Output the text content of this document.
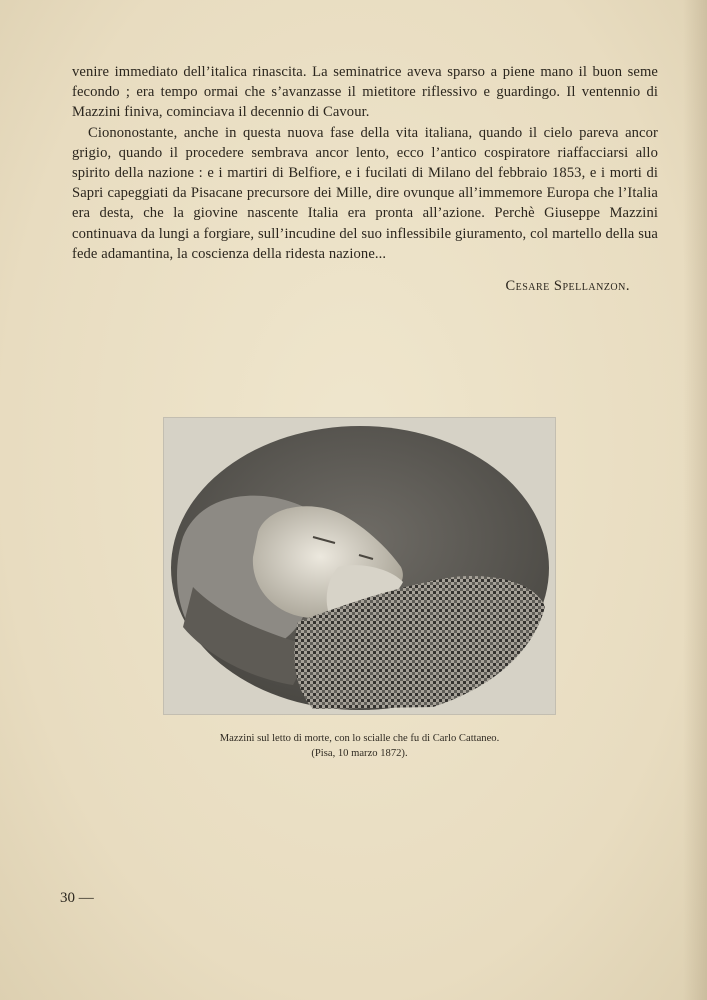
venire immediato dell’italica rinascita. La seminatrice aveva sparso a piene mano il buon seme fecondo ; era tempo ormai che s’avanzasse il mietitore riflessivo e guardingo. Il ventennio di Mazzini finiva, cominciava il decennio di Cavour.

Ciononostante, anche in questa nuova fase della vita italiana, quando il cielo pareva ancor grigio, quando il procedere sembrava ancor lento, ecco l’antico cospiratore riaffacciarsi allo spirito della nazione : e i martiri di Belfiore, e i fucilati di Milano del febbraio 1853, e i morti di Sapri capeggiati da Pisacane precursore dei Mille, dire ovunque all’immemore Europa che l’Italia era desta, che la giovine nascente Italia era pronta all’azione. Perchè Giuseppe Mazzini continuava da lungi a forgiare, sull’incudine del suo inflessibile giuramento, col martello della sua fede adamantina, la coscienza della ridesta nazione...

Cesare Spellanzon.
Mazzini sul letto di morte, con lo scialle che fu di Carlo Cattaneo.
(Pisa, 10 marzo 1872).
30 —
